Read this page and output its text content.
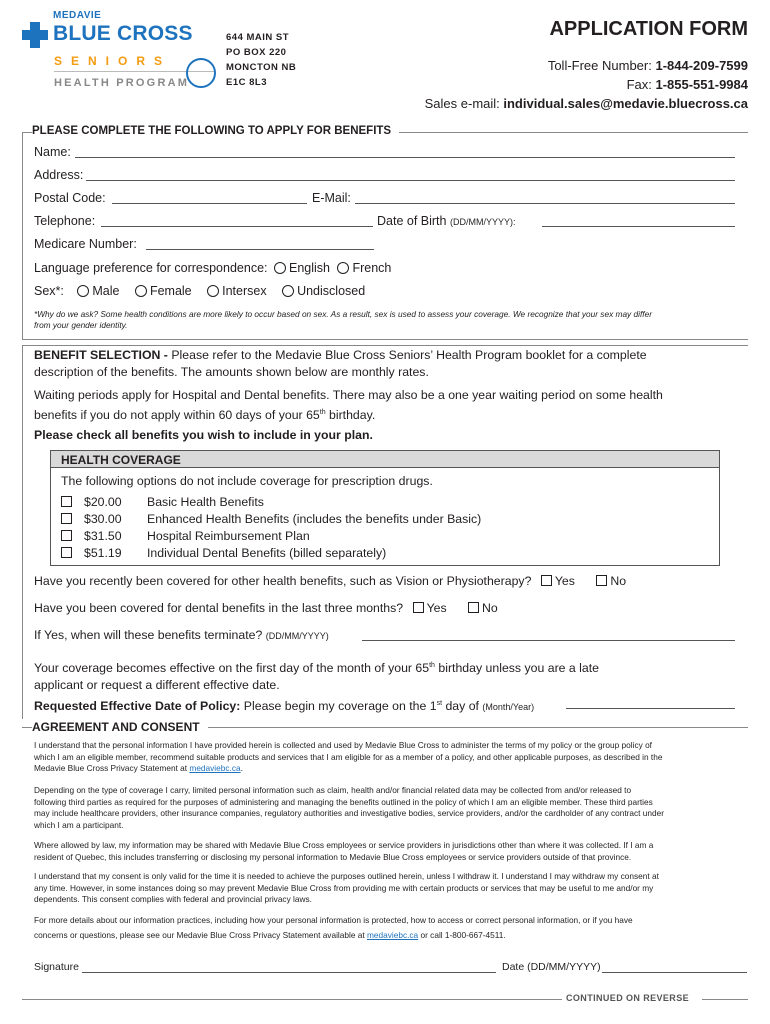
MEDAVIE
BLUE CROSS
SENIORS
HEALTH PROGRAM
644 MAIN ST
PO BOX 220
MONCTON NB
E1C 8L3
APPLICATION FORM
Toll-Free Number: 1-844-209-7599
Fax: 1-855-551-9984
Sales e-mail: individual.sales@medavie.bluecross.ca
PLEASE COMPLETE THE FOLLOWING TO APPLY FOR BENEFITS
Name:
Address:
Postal Code:	E-Mail:
Telephone:	Date of Birth (DD/MM/YYYY):
Medicare Number:
Language preference for correspondence: English French
Sex*: Male Female Intersex Undisclosed
*Why do we ask? Some health conditions are more likely to occur based on sex. As a result, sex is used to assess your coverage. We recognize that your sex may differ
from your gender identity.
BENEFIT SELECTION - Please refer to the Medavie Blue Cross Seniors’ Health Program booklet for a complete
description of the benefits. The amounts shown below are monthly rates.
Waiting periods apply for Hospital and Dental benefits. There may also be a one year waiting period on some health
benefits if you do not apply within 60 days of your 65th birthday.
Please check all benefits you wish to include in your plan.
HEALTH COVERAGE
The following options do not include coverage for prescription drugs.
$20.00 Basic Health Benefits
$30.00 Enhanced Health Benefits (includes the benefits under Basic)
$31.50 Hospital Reimbursement Plan
$51.19 Individual Dental Benefits (billed separately)
Have you recently been covered for other health benefits, such as Vision or Physiotherapy? Yes	No
Have you been covered for dental benefits in the last three months? Yes	No
If Yes, when will these benefits terminate? (DD/MM/YYYY)
Your coverage becomes effective on the first day of the month of your 65th birthday unless you are a late
applicant or request a different effective date.
Requested Effective Date of Policy: Please begin my coverage on the 1st day of (Month/Year)
AGREEMENT AND CONSENT
I understand that the personal information I have provided herein is collected and used by Medavie Blue Cross to administer the terms of my policy or the group policy of
which I am an eligible member, recommend suitable products and services that I am eligible for as a member of a policy, and other applicable purposes, as described in the
Medavie Blue Cross Privacy Statement at medaviebc.ca.
Depending on the type of coverage I carry, limited personal information such as claim, health and/or financial related data may be collected from and/or released to
following third parties as required for the purposes of administering and managing the benefits outlined in the policy of which I am an eligible member. These third parties
may include healthcare providers, other insurance companies, regulatory authorities and investigative bodies, service providers, and/or the cardholder of any contract under
which I am a participant.
Where allowed by law, my information may be shared with Medavie Blue Cross employees or service providers in jurisdictions other than where it was collected. If I am a
resident of Quebec, this includes transferring or disclosing my personal information to Medavie Blue Cross employees or service providers outside of that province.
I understand that my consent is only valid for the time it is needed to achieve the purposes outlined herein, unless I withdraw it. I understand I may withdraw my consent at
any time. However, in some instances doing so may prevent Medavie Blue Cross from providing me with certain products or services that may be useful to me and/or my
dependents. This consent complies with federal and provincial privacy laws.
For more details about our information practices, including how your personal information is protected, how to access or correct personal information, or if you have
concerns or questions, please see our Medavie Blue Cross Privacy Statement available at medaviebc.ca or call 1-800-667-4511.
Signature	Date (DD/MM/YYYY)
CONTINUED ON REVERSE
